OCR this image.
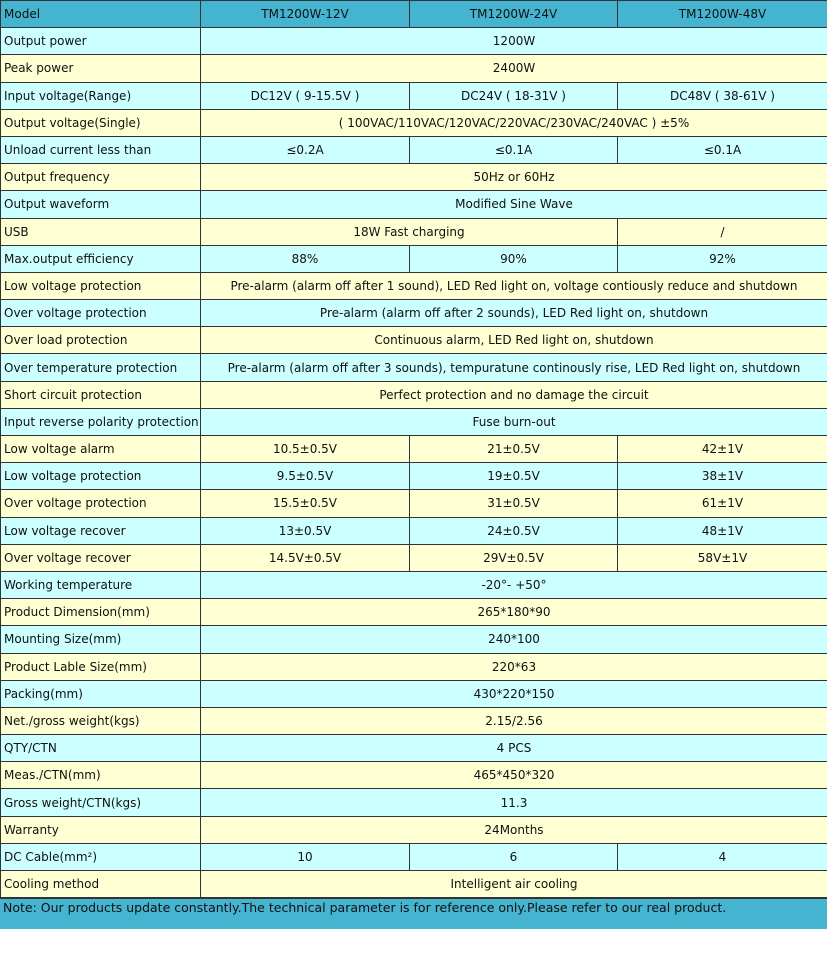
Model	TM1200W-12V	TM1200W-24V	TM1200W-48V
Output power	1200W		
Peak power	2400W		
Input voltage(Range)	DC12V ( 9-15.5V )	DC24V ( 18-31V )	DC48V ( 38-61V )
Output voltage(Single)	( 100VAC/110VAC/120VAC/220VAC/230VAC/240VAC ) ±5%		
Unload current less than	≤0.2A	≤0.1A	≤0.1A
Output frequency	50Hz or 60Hz		
Output waveform	Modified Sine Wave		
USB	18W Fast charging		/
Max.output efficiency	88%	90%	92%
Low voltage protection	Pre-alarm (alarm off after 1 sound), LED Red light on, voltage contiously reduce and shutdown		
Over voltage protection	Pre-alarm (alarm off after 2 sounds), LED Red light on, shutdown		
Over load protection	Continuous alarm, LED Red light on, shutdown		
Over temperature protection	Pre-alarm (alarm off after 3 sounds), tempuratune continously rise, LED Red light on, shutdown		
Short circuit protection	Perfect protection and no damage the circuit		
Input reverse polarity protection	Fuse burn-out		
Low voltage alarm	10.5±0.5V	21±0.5V	42±1V
Low voltage protection	9.5±0.5V	19±0.5V	38±1V
Over voltage protection	15.5±0.5V	31±0.5V	61±1V
Low voltage recover	13±0.5V	24±0.5V	48±1V
Over voltage recover	14.5V±0.5V	29V±0.5V	58V±1V
Working temperature	-20°- +50°		
Product Dimension(mm)	265*180*90		
Mounting Size(mm)	240*100		
Product Lable Size(mm)	220*63		
Packing(mm)	430*220*150		
Net./gross weight(kgs)	2.15/2.56		
QTY/CTN	4 PCS		
Meas./CTN(mm)	465*450*320		
Gross weight/CTN(kgs)	11.3		
Warranty	24Months		
DC Cable(mm²)	10	6	4
Cooling method	Intelligent air cooling		
Note: Our products update constantly.The technical parameter is for reference only.Please refer to our real product.
